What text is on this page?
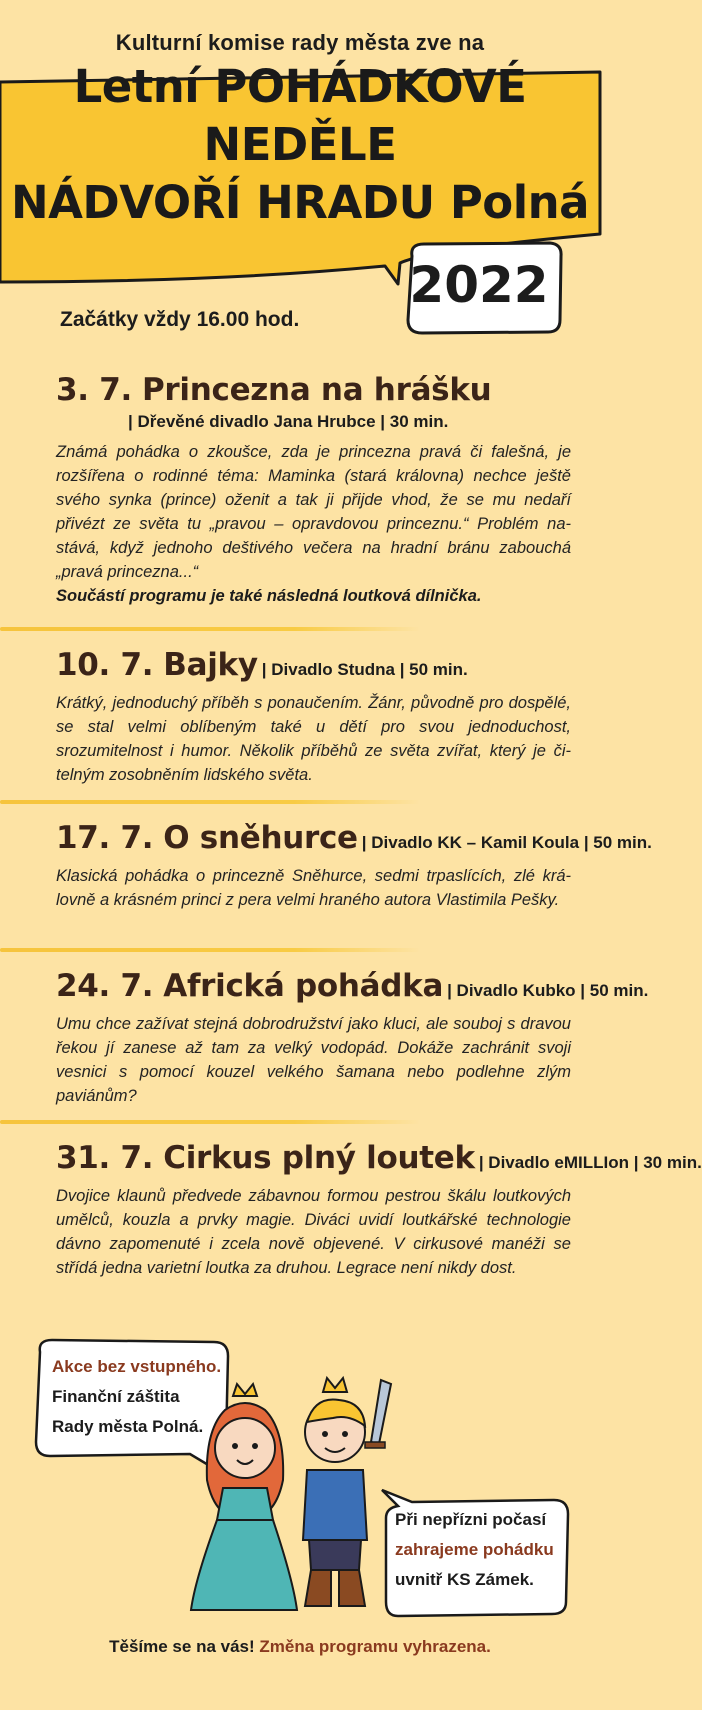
Kulturní komise rady města zve na
Letní POHÁDKOVÉ NEDĚLE
NÁDVOŘÍ HRADU Polná
2022
Začátky vždy 16.00 hod.
3. 7. Princezna na hrášku
| Dřevěné divadlo Jana Hrubce | 30 min.
Známá pohádka o zkoušce, zda je princezna pravá či falešná, je rozšířena o rodinné téma: Maminka (stará královna) nechce ještě svého synka (prince) oženit a tak ji přijde vhod, že se mu nedaří přivézt ze světa tu „pravou – opravdovou princeznu.“ Problém nastává, když jednoho deštivého večera na hradní bránu zabouchá „pravá princezna...“
Součástí programu je také následná loutková dílnička.
10. 7. Bajky | Divadlo Studna | 50 min.
Krátký, jednoduchý příběh s ponaučením. Žánr, původně pro dospělé, se stal velmi oblíbeným také u dětí pro svou jednoduchost, srozumitelnost i humor. Několik příběhů ze světa zvířat, který je čitelným zosobněním lidského světa.
17. 7. O sněhurce | Divadlo KK – Kamil Koula | 50 min.
Klasická pohádka o princezně Sněhurce, sedmi trpaslících, zlé královně a krásném princi z pera velmi hraného autora Vlastimila Pešky.
24. 7. Africká pohádka | Divadlo Kubko | 50 min.
Umu chce zažívat stejná dobrodružství jako kluci, ale souboj s dravou řekou jí zanese až tam za velký vodopád. Dokáže zachránit svoji vesnici s pomocí kouzel velkého šamana nebo podlehne zlým paviánům?
31. 7. Cirkus plný loutek | Divadlo eMILLIon | 30 min.
Dvojice klaunů předvede zábavnou formou pestrou škálu loutkových umělců, kouzla a prvky magie. Diváci uvidí loutkářské technologie dávno zapomenuté i zcela nově objevené. V cirkusové manéži se střídá jedna varietní loutka za druhou. Legrace není nikdy dost.
Akce bez vstupného.
Finanční záštita
Rady města Polná.
Při nepřízni počasí
zahrajeme pohádku
uvnitř KS Zámek.
Těšíme se na vás! Změna programu vyhrazena.
